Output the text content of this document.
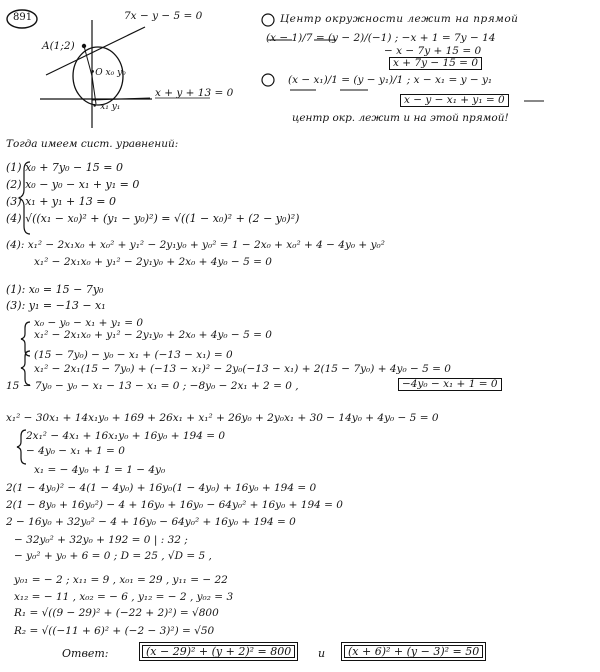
891	7x − y − 5 = 0
A(1;2)
•O x₀ y₀
• x₁ y₁
x + y + 13 = 0
Центр окружности лежит на прямой
(x − 1)/7 = (y − 2)/(−1) ; −x + 1 = 7y − 14
− x − 7y + 15 = 0
x + 7y − 15 = 0
(x − x₁)/1 = (y − y₁)/1 ; x − x₁ = y − y₁
x − y − x₁ + y₁ = 0
центр окр. лежит и на этой прямой!
Тогда имеем сист. уравнений:
(1) x₀ + 7y₀ − 15 = 0
(2) x₀ − y₀ − x₁ + y₁ = 0
(3) x₁ + y₁ + 13 = 0
(4) √((x₁ − x₀)² + (y₁ − y₀)²) = √((1 − x₀)² + (2 − y₀)²)
(4): x₁² − 2x₁x₀ + x₀² + y₁² − 2y₁y₀ + y₀² = 1 − 2x₀ + x₀² + 4 − 4y₀ + y₀²
x₁² − 2x₁x₀ + y₁² − 2y₁y₀ + 2x₀ + 4y₀ − 5 = 0
(1): x₀ = 15 − 7y₀
(3): y₁ = −13 − x₁
x₀ − y₀ − x₁ + y₁ = 0
x₁² − 2x₁x₀ + y₁² − 2y₁y₀ + 2x₀ + 4y₀ − 5 = 0
(15 − 7y₀) − y₀ − x₁ + (−13 − x₁) = 0
x₁² − 2x₁(15 − 7y₀) + (−13 − x₁)² − 2y₀(−13 − x₁) + 2(15 − 7y₀) + 4y₀ − 5 = 0
15 − 7y₀ − y₀ − x₁ − 13 − x₁ = 0 ; −8y₀ − 2x₁ + 2 = 0 ,	−4y₀ − x₁ + 1 = 0
x₁² − 30x₁ + 14x₁y₀ + 169 + 26x₁ + x₁² + 26y₀ + 2y₀x₁ + 30 − 14y₀ + 4y₀ − 5 = 0
2x₁² − 4x₁ + 16x₁y₀ + 16y₀ + 194 = 0
− 4y₀ − x₁ + 1 = 0
x₁ = − 4y₀ + 1 = 1 − 4y₀
2(1 − 4y₀)² − 4(1 − 4y₀) + 16y₀(1 − 4y₀) + 16y₀ + 194 = 0
2(1 − 8y₀ + 16y₀²) − 4 + 16y₀ + 16y₀ − 64y₀² + 16y₀ + 194 = 0
2 − 16y₀ + 32y₀² − 4 + 16y₀ − 64y₀² + 16y₀ + 194 = 0
− 32y₀² + 32y₀ + 192 = 0 | : 32 ;
− y₀² + y₀ + 6 = 0 ; D = 25 , √D = 5 ,
y₀₁ = − 2 ; x₁₁ = 9 , x₀₁ = 29 , y₁₁ = − 22
x₁₂ = − 11 , x₀₂ = − 6 , y₁₂ = − 2 , y₀₂ = 3
R₁ = √((9 − 29)² + (−22 + 2)²) = √800
R₂ = √((−11 + 6)² + (−2 − 3)²) = √50
Ответ:	(x − 29)² + (y + 2)² = 800	и	(x + 6)² + (y − 3)² = 50
